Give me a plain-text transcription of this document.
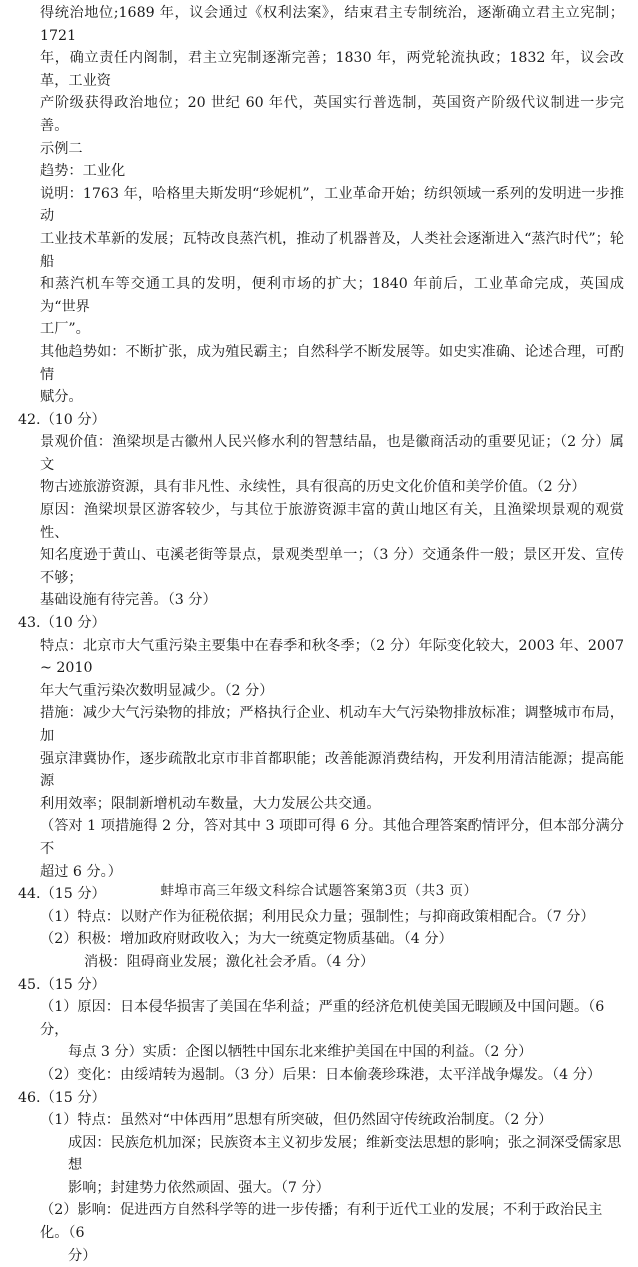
得统治地位;1689 年，议会通过《权利法案》，结束君主专制统治，逐渐确立君主立宪制；1721

年，确立责任内阁制，君主立宪制逐渐完善；1830 年，两党轮流执政；1832 年，议会改革，工业资

产阶级获得政治地位；20 世纪 60 年代，英国实行普选制，英国资产阶级代议制进一步完善。

示例二

趋势：工业化

说明：1763 年，哈格里夫斯发明“珍妮机”，工业革命开始；纺织领域一系列的发明进一步推动

工业技术革新的发展；瓦特改良蒸汽机，推动了机器普及，人类社会逐渐进入“蒸汽时代”；轮船

和蒸汽机车等交通工具的发明，便利市场的扩大；1840 年前后，工业革命完成，英国成为“世界

工厂”。

其他趋势如：不断扩张，成为殖民霸主；自然科学不断发展等。如史实准确、论述合理，可酌情

赋分。

42.（10 分）

景观价值：渔梁坝是古徽州人民兴修水利的智慧结晶，也是徽商活动的重要见证；（2 分）属文

物古迹旅游资源，具有非凡性、永续性，具有很高的历史文化价值和美学价值。（2 分）

原因：渔梁坝景区游客较少，与其位于旅游资源丰富的黄山地区有关，且渔梁坝景观的观赏性、

知名度逊于黄山、屯溪老街等景点，景观类型单一；（3 分）交通条件一般；景区开发、宣传不够；

基础设施有待完善。（3 分）

43.（10 分）

特点：北京市大气重污染主要集中在春季和秋冬季；（2 分）年际变化较大，2003 年、2007 ~ 2010

年大气重污染次数明显减少。（2 分）

措施：减少大气污染物的排放；严格执行企业、机动车大气污染物排放标准；调整城市布局，加

强京津冀协作，逐步疏散北京市非首都职能；改善能源消费结构，开发利用清洁能源；提高能源

利用效率；限制新增机动车数量，大力发展公共交通。

（答对 1 项措施得 2 分，答对其中 3 项即可得 6 分。其他合理答案酌情评分，但本部分满分不

超过 6 分。）

44.（15 分）

（1）特点：以财产作为征税依据；利用民众力量；强制性；与抑商政策相配合。（7 分）

（2）积极：增加政府财政收入；为大一统奠定物质基础。（4 分）

消极：阻碍商业发展；激化社会矛盾。（4 分）

45.（15 分）

（1）原因：日本侵华损害了美国在华利益；严重的经济危机使美国无暇顾及中国问题。（6 分，

每点 3 分）实质：企图以牺牲中国东北来维护美国在中国的利益。（2 分）

（2）变化：由绥靖转为遏制。（3 分）后果：日本偷袭珍珠港，太平洋战争爆发。（4 分）

46.（15 分）

（1）特点：虽然对“中体西用”思想有所突破，但仍然固守传统政治制度。（2 分）

成因：民族危机加深；民族资本主义初步发展；维新变法思想的影响；张之洞深受儒家思想

影响；封建势力依然顽固、强大。（7 分）

（2）影响：促进西方自然科学等的进一步传播；有利于近代工业的发展；不利于政治民主化。（6

分）

蚌埠市高三年级文科综合试题答案第3页（共3 页）
